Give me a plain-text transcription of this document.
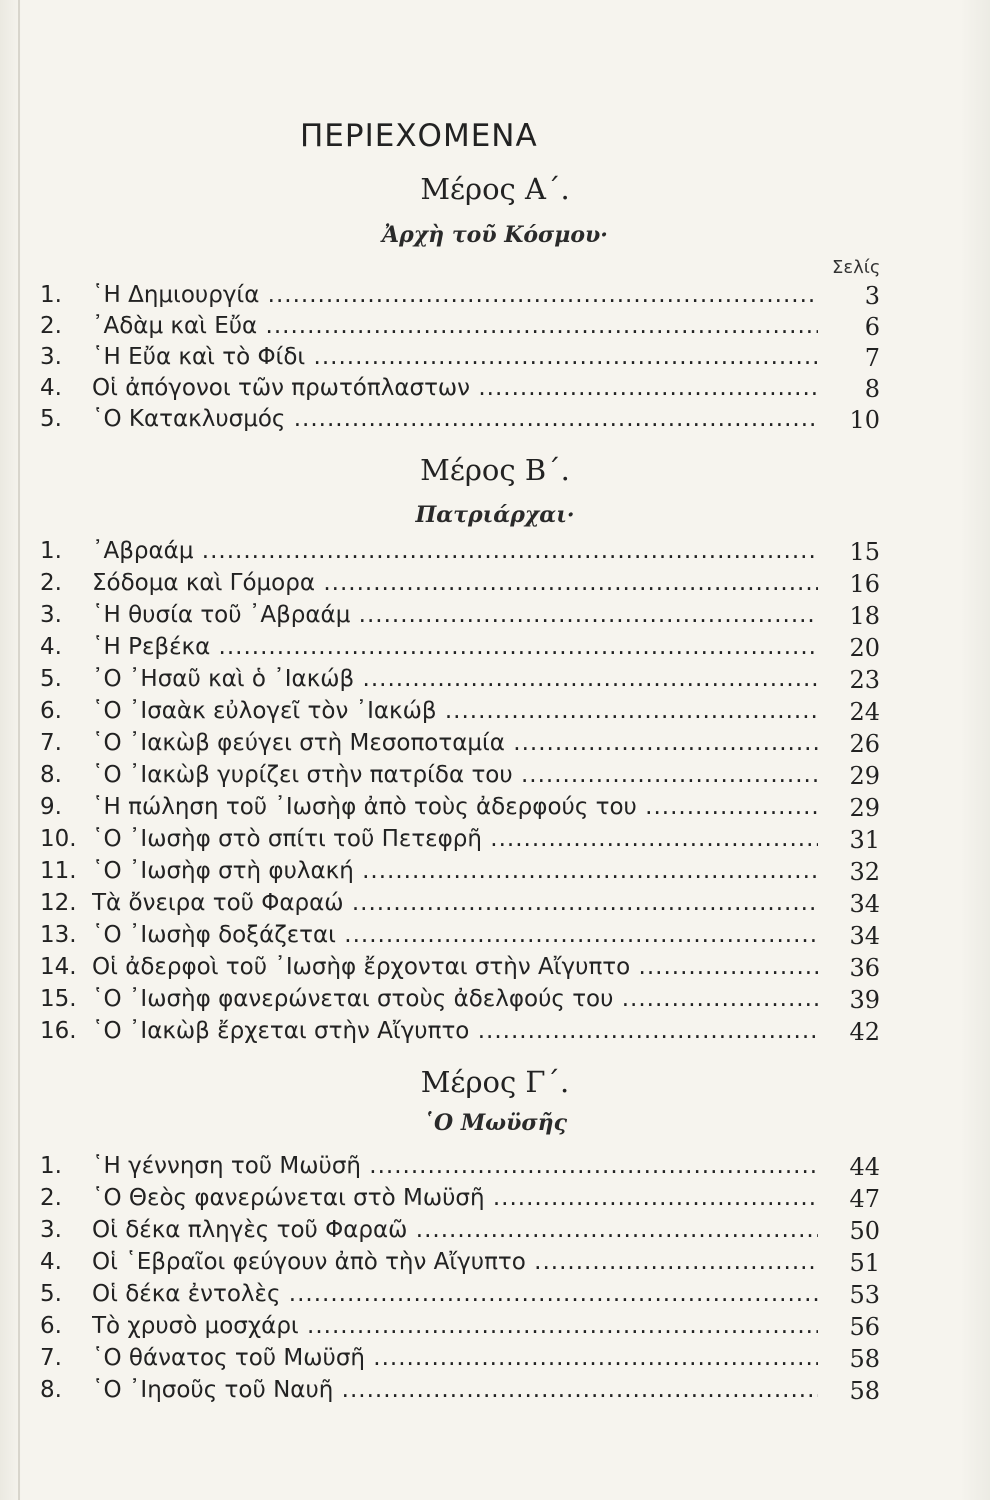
ΠΕΡΙΕΧΟΜΕΝΑ
Μέρος Α΄.
Ἀρχὴ τοῦ Κόσμου·
Σελίς
1.	῾Η Δημιουργία .....	3
2.	᾿Αδὰμ καὶ Εὔα .....	6
3.	῾Η Εὔα καὶ τὸ Φίδι .....	7
4.	Οἱ ἀπόγονοι τῶν πρωτόπλαστων .....	8
5.	῾Ο Κατακλυσμός .....	10
Μέρος Β΄.
Πατριάρχαι·
1.	᾿Αβραάμ .....	15
2.	Σόδομα καὶ Γόμορα .....	16
3.	῾Η θυσία τοῦ ᾿Αβραάμ .....	18
4.	῾Η Ρεβέκα .....	20
5.	᾿Ο ᾿Ησαῦ καὶ ὁ ᾿Ιακώβ .....	23
6.	῾Ο ᾿Ισαὰκ εὐλογεῖ τὸν ᾿Ιακώβ .....	24
7.	῾Ο ᾿Ιακὼβ φεύγει στὴ Μεσοποταμία .....	26
8.	῾Ο ᾿Ιακὼβ γυρίζει στὴν πατρίδα του .....	29
9.	῾Η πώληση τοῦ ᾿Ιωσὴφ ἀπὸ τοὺς ἀδερφούς του .....	29
10. ῾Ο ᾿Ιωσὴφ στὸ σπίτι τοῦ Πετεφρῆ .....	31
11. ῾Ο ᾿Ιωσὴφ στὴ φυλακή .....	32
12. Τὰ ὄνειρα τοῦ Φαραώ .....	34
13. ῾Ο ᾿Ιωσὴφ δοξάζεται .....	34
14. Οἱ ἀδερφοὶ τοῦ ᾿Ιωσὴφ ἔρχονται στὴν Αἴγυπτο .....	36
15. ῾Ο ᾿Ιωσὴφ φανερώνεται στοὺς ἀδελφούς του .....	39
16. ῾Ο ᾿Ιακὼβ ἔρχεται στὴν Αἴγυπτο .....	42
Μέρος Γ΄.
῾Ο Μωϋσῆς
1.	῾Η γέννηση τοῦ Μωϋσῆ .....	44
2.	῾Ο Θεὸς φανερώνεται στὸ Μωϋσῆ .....	47
3.	Οἱ δέκα πληγὲς τοῦ Φαραῶ .....	50
4.	Οἱ ῾Εβραῖοι φεύγουν ἀπὸ τὴν Αἴγυπτο .....	51
5.	Οἱ δέκα ἐντολὲς .....	53
6.	Τὸ χρυσὸ μοσχάρι .....	56
7.	῾Ο θάνατος τοῦ Μωϋσῆ .....	58
8.	῾Ο ᾿Ιησοῦς τοῦ Ναυῆ .....	58
